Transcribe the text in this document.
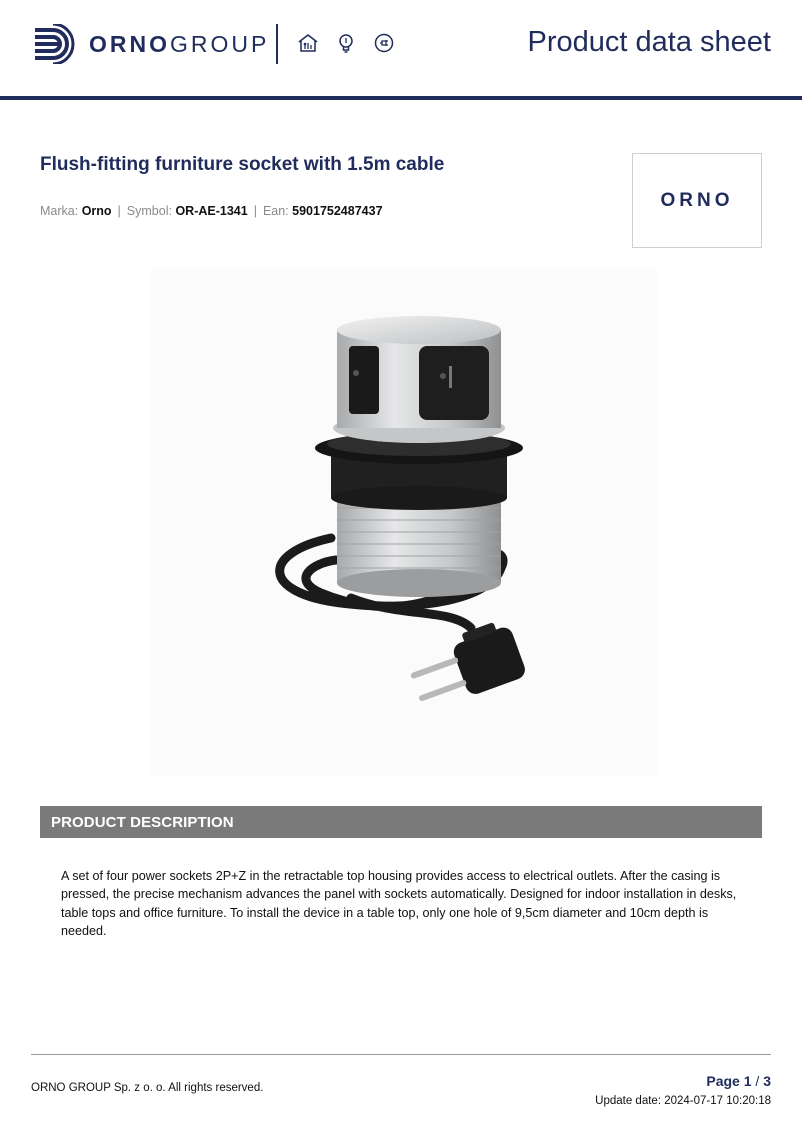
ORNOGROUP	Product data sheet
Flush-fitting furniture socket with 1.5m cable
Marka: Orno | Symbol: OR-AE-1341 | Ean: 5901752487437	ORNO
PRODUCT DESCRIPTION
A set of four power sockets 2P+Z in the retractable top housing provides access to electrical outlets. After the casing is pressed, the precise mechanism advances the panel with sockets automatically. Designed for indoor installation in desks, table tops and office furniture. To install the device in a table top, only one hole of 9,5cm diameter and 10cm depth is needed.
ORNO GROUP Sp. z o. o. All rights reserved.	Page 1 / 3
Update date: 2024-07-17 10:20:18
